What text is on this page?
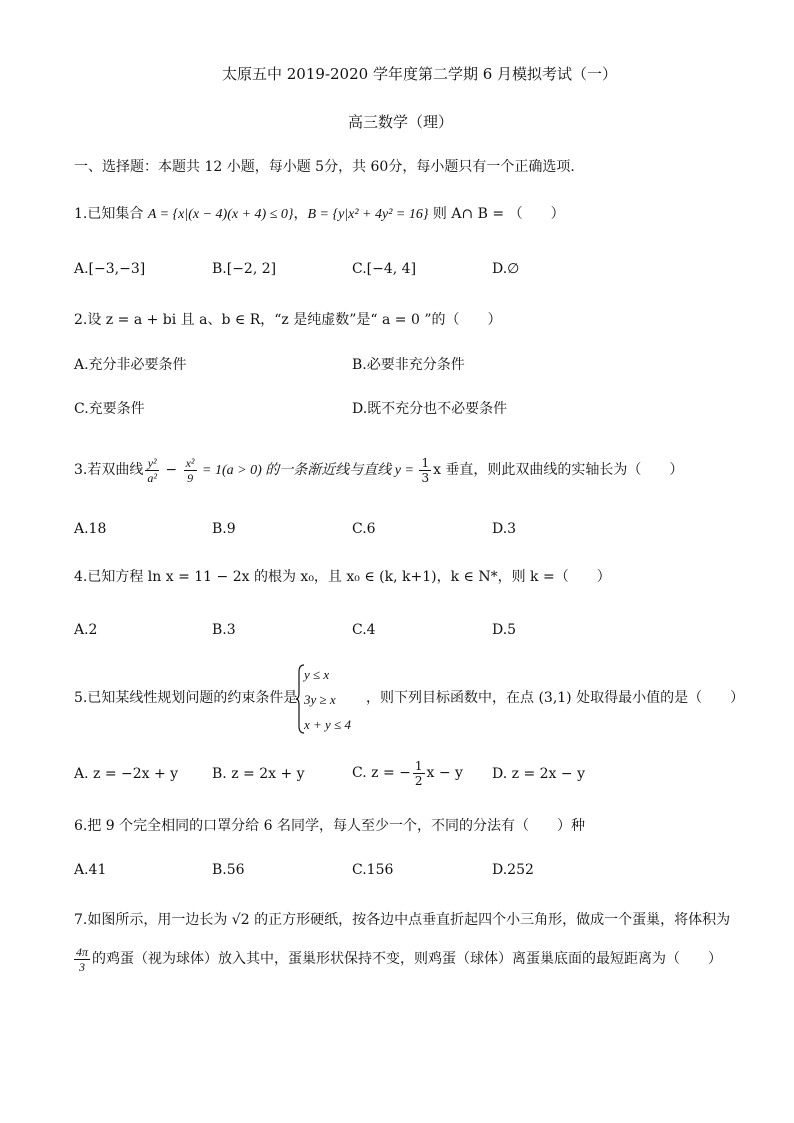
太原五中 2019-2020 学年度第二学期 6 月模拟考试（一）
高三数学（理）
一、选择题：本题共 12 小题，每小题 5分，共 60分，每小题只有一个正确选项.
1.已知集合 A = {x|(x − 4)(x + 4) ≤ 0}，B = {y|x² + 4y² = 16} 则 A∩ B = （　　）
A.[−3,−3]	B.[−2, 2]	C.[−4, 4]	D.∅
2.设 z = a + bi 且 a、b ∈ R，“z 是纯虚数”是“ a = 0 ”的（　　）
A.充分非必要条件	B.必要非充分条件
C.充要条件	D.既不充分也不必要条件
3.若双曲线 $\frac{\text{y²}}{\text{a²}} - \frac{\text{x²}}{9} = 1(a > 0)$ 的一条渐近线与直线 $y = \frac{1}{3}$ x 垂直，则此双曲线的实轴长为（　　）
A.18	B.9	C.6	D.3
4.已知方程 ln x = 11 − 2x 的根为 x₀，且 x₀ ∈ (k, k+1)，k ∈ N*，则 k =（　　）
A.2	B.3	C.4	D.5
5.已知某线性规划问题的约束条件是
y ≤ x
3y ≥ x
x + y ≤ 4
，则下列目标函数中，在点 (3,1) 处取得最小值的是（　　）
A. z = −2x + y B. z = 2x + y	C. z = − $\frac{1}{2}$ x − y D. z = 2x − y
6.把 9 个完全相同的口罩分给 6 名同学，每人至少一个，不同的分法有（　　）种
A.41	B.56	C.156	D.252
7.如图所示，用一边长为 √2 的正方形硬纸，按各边中点垂直折起四个小三角形，做成一个蛋巢，将体积为
$\frac{4\pi}{3}$ 的鸡蛋（视为球体）放入其中，蛋巢形状保持不变，则鸡蛋（球体）离蛋巢底面的最短距离为（　　）
